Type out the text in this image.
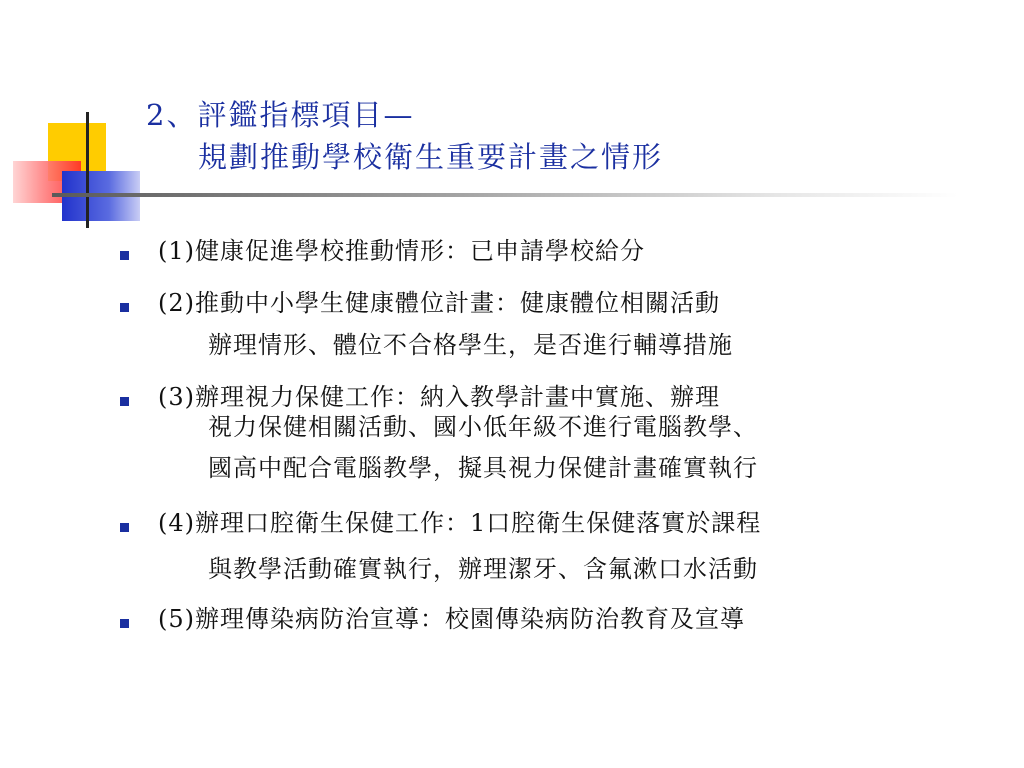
2、評鑑指標項目—
規劃推動學校衛生重要計畫之情形
(1)健康促進學校推動情形：已申請學校給分
(2)推動中小學生健康體位計畫：健康體位相關活動
辦理情形、體位不合格學生，是否進行輔導措施
(3)辦理視力保健工作：納入教學計畫中實施、辦理
視力保健相關活動、國小低年級不進行電腦教學、
國高中配合電腦教學，擬具視力保健計畫確實執行
(4)辦理口腔衛生保健工作：1口腔衛生保健落實於課程
與教學活動確實執行，辦理潔牙、含氟漱口水活動
(5)辦理傳染病防治宣導：校園傳染病防治教育及宣導
